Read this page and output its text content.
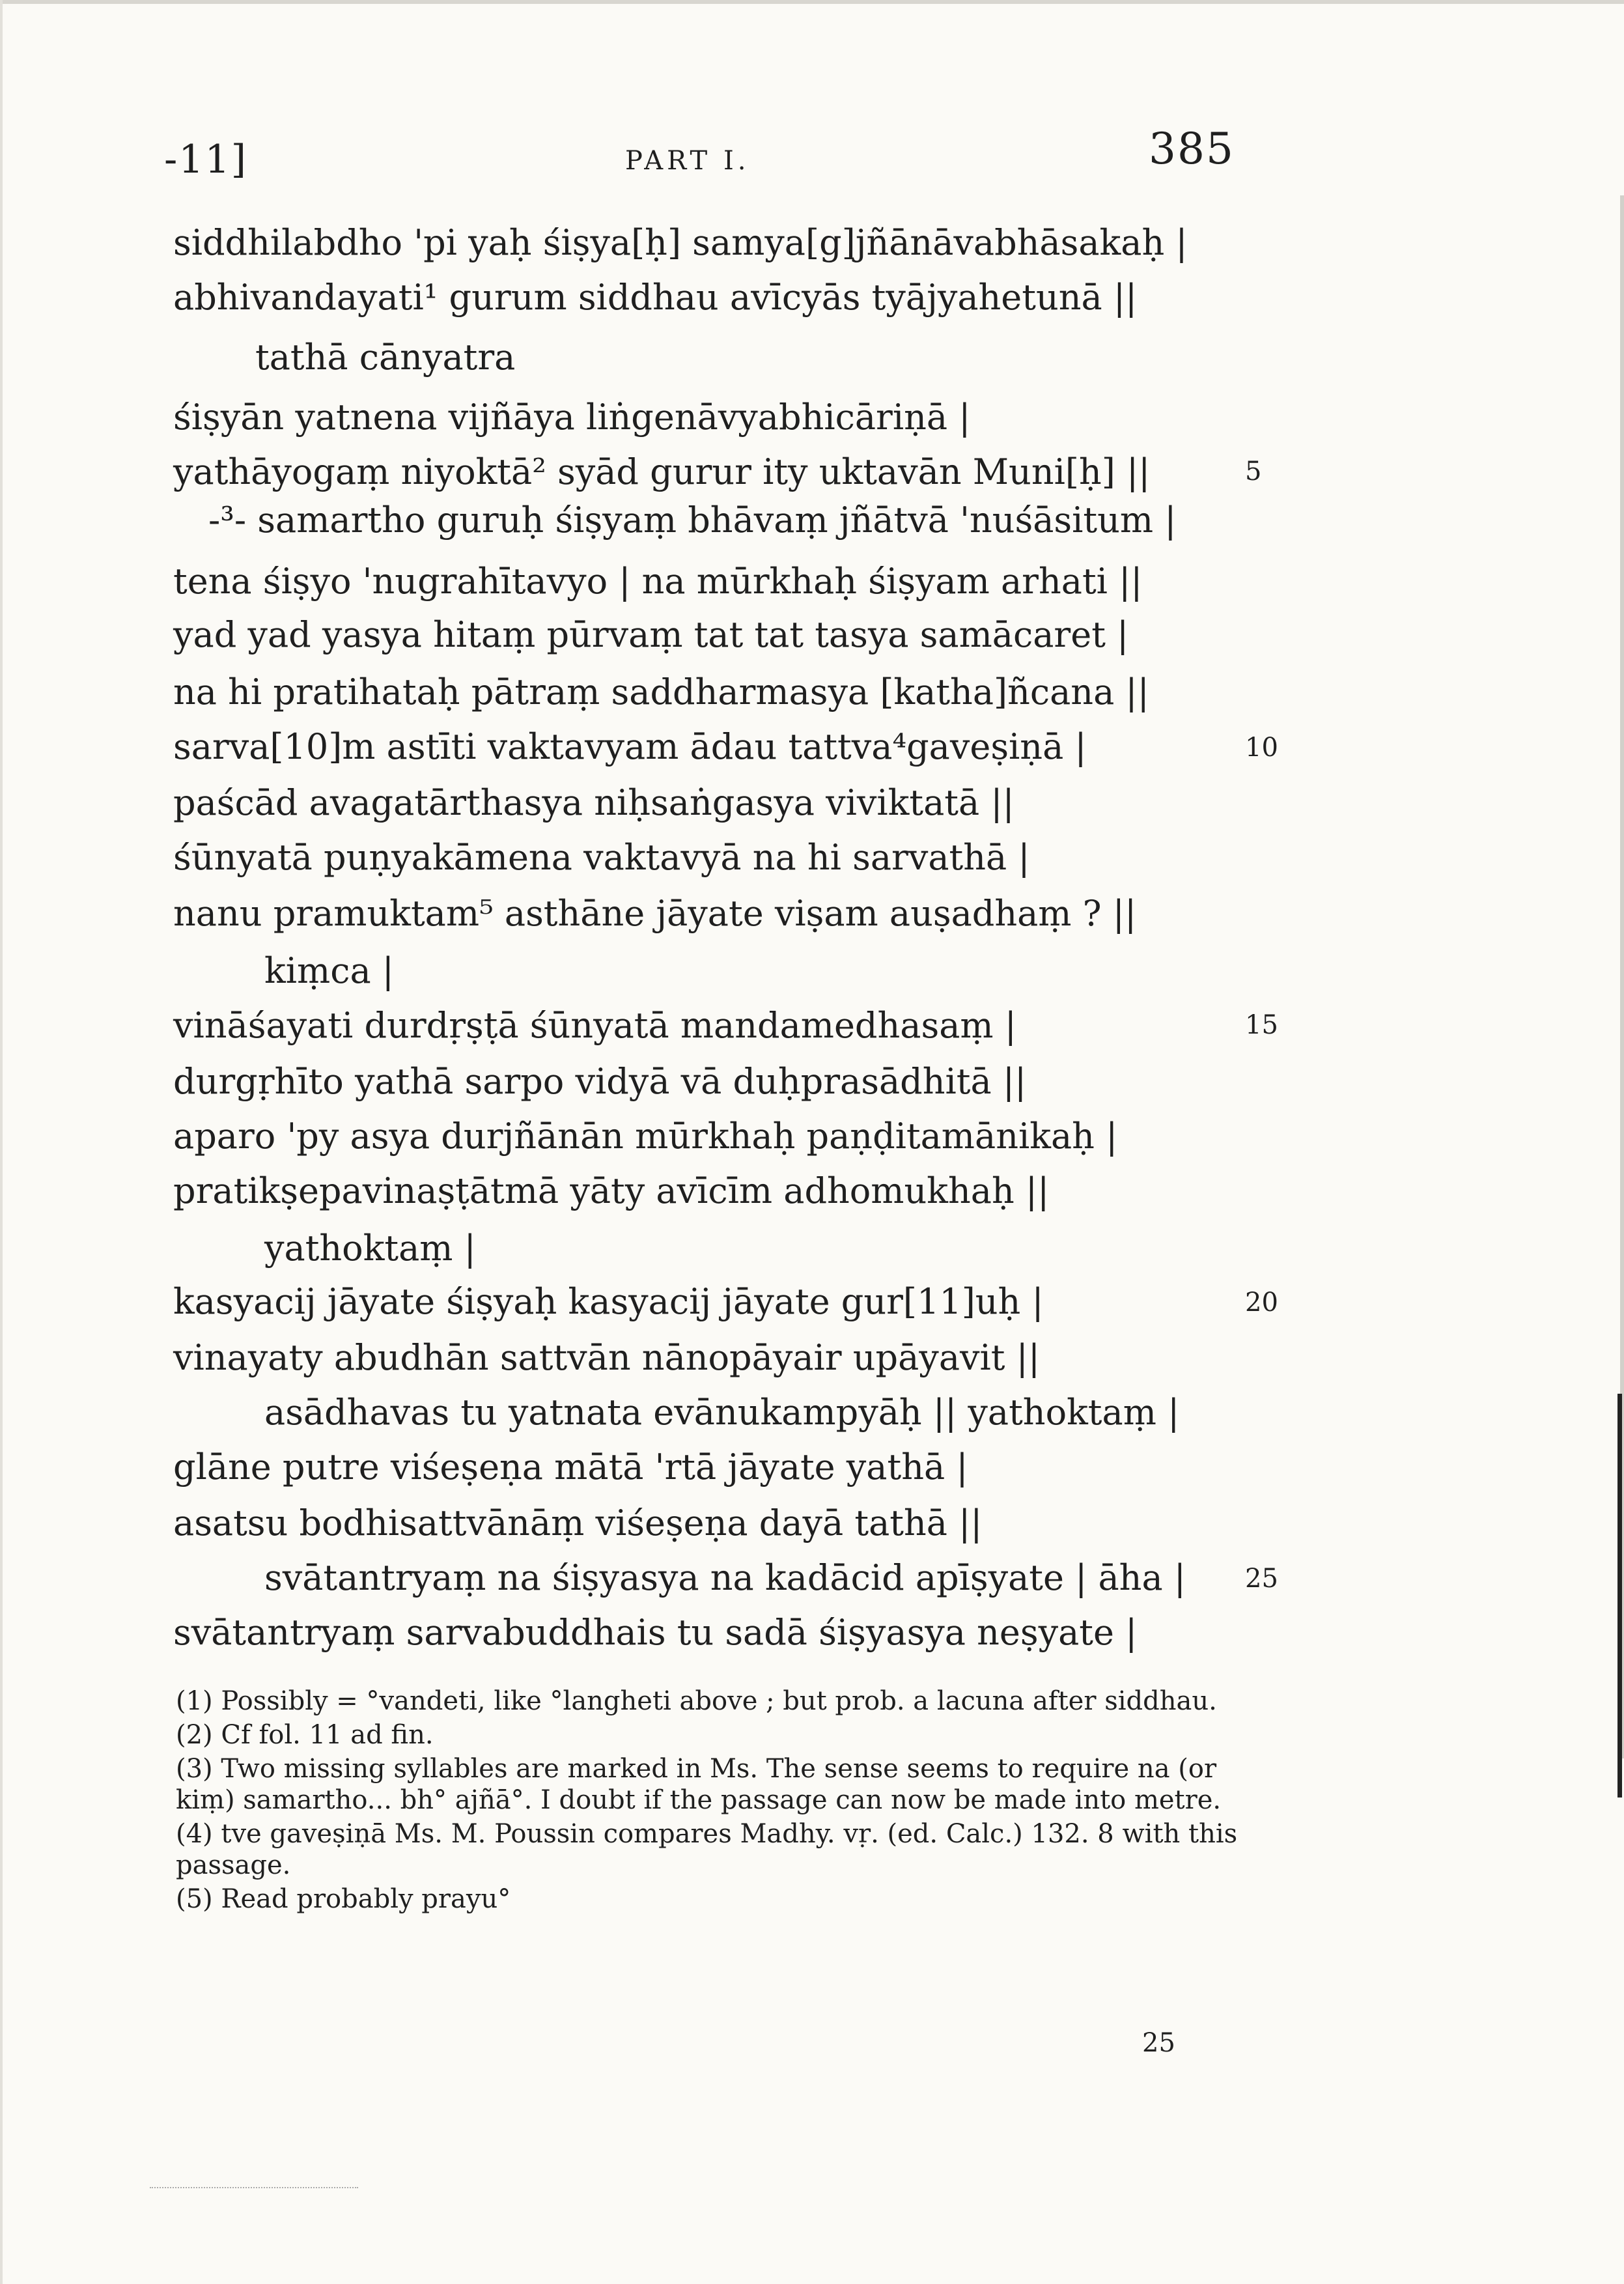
-11]	PART I.	385
siddhilabdho 'pi yaḥ śiṣya[ḥ] samya[g]jñānāvabhāsakaḥ |
abhivandayati¹ gurum siddhau avīcyās tyājyahetunā ||
tathā cānyatra
śiṣyān yatnena vijñāya liṅgenāvyabhicāriṇā |
yathāyogaṃ niyoktā² syād gurur ity uktavān Muni[ḥ] ||
-³- samartho guruḥ śiṣyaṃ bhāvaṃ jñātvā 'nuśāsitum |
tena śiṣyo 'nugrahītavyo | na mūrkhaḥ śiṣyam arhati ||
yad yad yasya hitaṃ pūrvaṃ tat tat tasya samācaret |
na hi pratihataḥ pātraṃ saddharmasya [katha]ñcana ||
sarva[10]m astīti vaktavyam ādau tattva⁴gaveṣiṇā |
paścād avagatārthasya niḥsaṅgasya viviktatā ||
śūnyatā puṇyakāmena vaktavyā na hi sarvathā |
nanu pramuktam⁵ asthāne jāyate viṣam auṣadhaṃ ? ||
kiṃca |
vināśayati durdṛṣṭā śūnyatā mandamedhasaṃ |
durgṛhīto yathā sarpo vidyā vā duḥprasādhitā ||
aparo 'py asya durjñānān mūrkhaḥ paṇḍitamānikaḥ |
pratikṣepavinaṣṭātmā yāty avīcīm adhomukhaḥ ||
yathoktaṃ |
kasyacij jāyate śiṣyaḥ kasyacij jāyate gur[11]uḥ |
vinayaty abudhān sattvān nānopāyair upāyavit ||
asādhavas tu yatnata evānukampyāḥ || yathoktaṃ |
glāne putre viśeṣeṇa mātā 'rtā jāyate yathā |
asatsu bodhisattvānāṃ viśeṣeṇa dayā tathā ||
svātantryaṃ na śiṣyasya na kadācid apīṣyate | āha |
svātantryaṃ sarvabuddhais tu sadā śiṣyasya neṣyate |
5
10
15
20
25
(1) Possibly = °vandeti, like °langheti above ; but prob. a lacuna after siddhau.
(2) Cf fol. 11 ad fin.
(3) Two missing syllables are marked in Ms. The sense seems to require na (or kiṃ) samartho... bh° ajñā°. I doubt if the passage can now be made into metre.
(4) tve gaveṣiṇā Ms. M. Poussin compares Madhy. vṛ. (ed. Calc.) 132. 8 with this passage.
(5) Read probably prayu°
25
